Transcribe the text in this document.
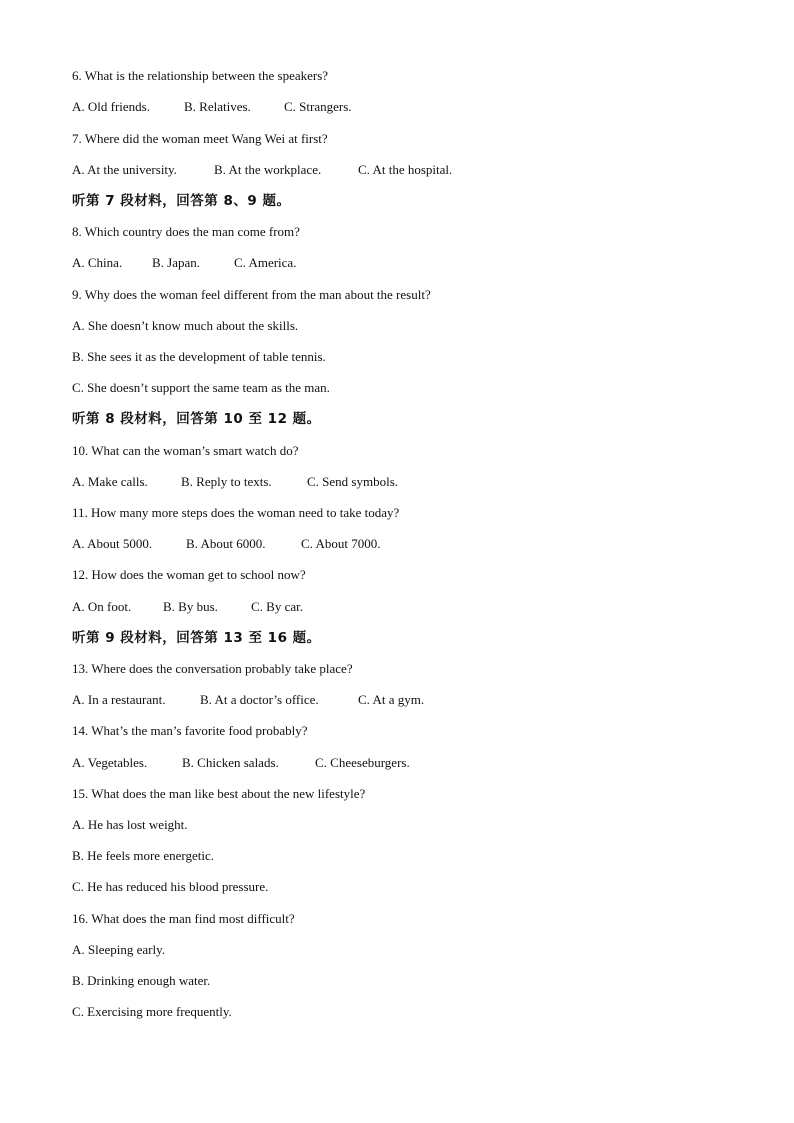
6. What is the relationship between the speakers?
A. Old friends.	B. Relatives.	C. Strangers.
7. Where did the woman meet Wang Wei at first?
A. At the university.	B. At the workplace.	C. At the hospital.
听第 7 段材料，回答第 8、9 题。
8. Which country does the man come from?
A. China. B. Japan.	C. America.
9. Why does the woman feel different from the man about the result?
A. She doesn’t know much about the skills.
B. She sees it as the development of table tennis.
C. She doesn’t support the same team as the man.
听第 8 段材料，回答第 10 至 12 题。
10. What can the woman’s smart watch do?
A. Make calls.	B. Reply to texts.	C. Send symbols.
11. How many more steps does the woman need to take today?
A. About 5000.	B. About 6000.	C. About 7000.
12. How does the woman get to school now?
A. On foot. B. By bus.	C. By car.
听第 9 段材料，回答第 13 至 16 题。
13. Where does the conversation probably take place?
A. In a restaurant.	B. At a doctor’s office.	C. At a gym.
14. What’s the man’s favorite food probably?
A. Vegetables.	B. Chicken salads.	C. Cheeseburgers.
15. What does the man like best about the new lifestyle?
A. He has lost weight.
B. He feels more energetic.
C. He has reduced his blood pressure.
16. What does the man find most difficult?
A. Sleeping early.
B. Drinking enough water.
C. Exercising more frequently.
